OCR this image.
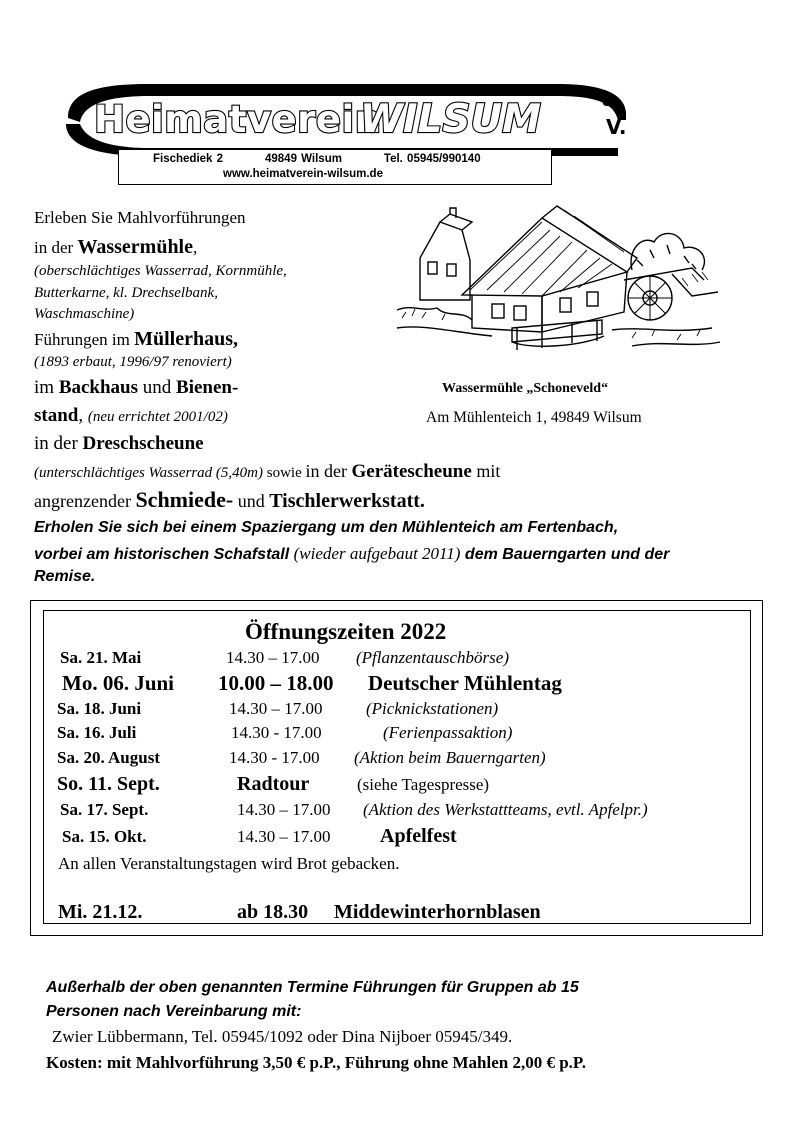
Heimatverein
WILSUM	e.
V.
Fischediek 2          49849 Wilsum          Tel. 05945/990140
www.heimatverein-wilsum.de
Erleben Sie Mahlvorführungen
in der Wassermühle,
(oberschlächtiges Wasserrad, Kornmühle,
Butterkarne, kl. Drechselbank,
Waschmaschine)
Führungen im Müllerhaus,
(1893 erbaut, 1996/97 renoviert)
im Backhaus und Bienen-
stand, (neu errichtet 2001/02)
in der Dreschscheune
(unterschlächtiges Wasserrad (5,40m) sowie in der Gerätescheune mit
angrenzender Schmiede- und Tischlerwerkstatt.
Wassermühle „Schoneveld“
Am Mühlenteich 1, 49849 Wilsum
Erholen Sie sich bei einem Spaziergang um den Mühlenteich am Fertenbach,
vorbei am historischen Schafstall (wieder aufgebaut 2011) dem Bauerngarten und der
Remise.
Öffnungszeiten 2022
Sa. 21. Mai	14.30 – 17.00 (Pflanzentauschbörse)
Mo. 06. Juni 10.00 – 18.00 Deutscher Mühlentag
Sa. 18. Juni	14.30 – 17.00	(Picknickstationen)
Sa. 16. Juli	14.30 - 17.00	(Ferienpassaktion)
Sa. 20. August	14.30 - 17.00 (Aktion beim Bauerngarten)
So. 11. Sept.	Radtour	(siehe Tagespresse)
Sa. 17. Sept.	14.30 – 17.00 (Aktion des Werkstattteams, evtl. Apfelpr.)
Sa. 15. Okt.	14.30 – 17.00 Apfelfest
An allen Veranstaltungstagen wird Brot gebacken.
Mi. 21.12.	ab 18.30 Middewinterhornblasen
Außerhalb der oben genannten Termine Führungen für Gruppen ab 15
Personen nach Vereinbarung mit:
Zwier Lübbermann, Tel. 05945/1092 oder Dina Nijboer 05945/349.
Kosten: mit Mahlvorführung 3,50 € p.P., Führung ohne Mahlen 2,00 € p.P.
